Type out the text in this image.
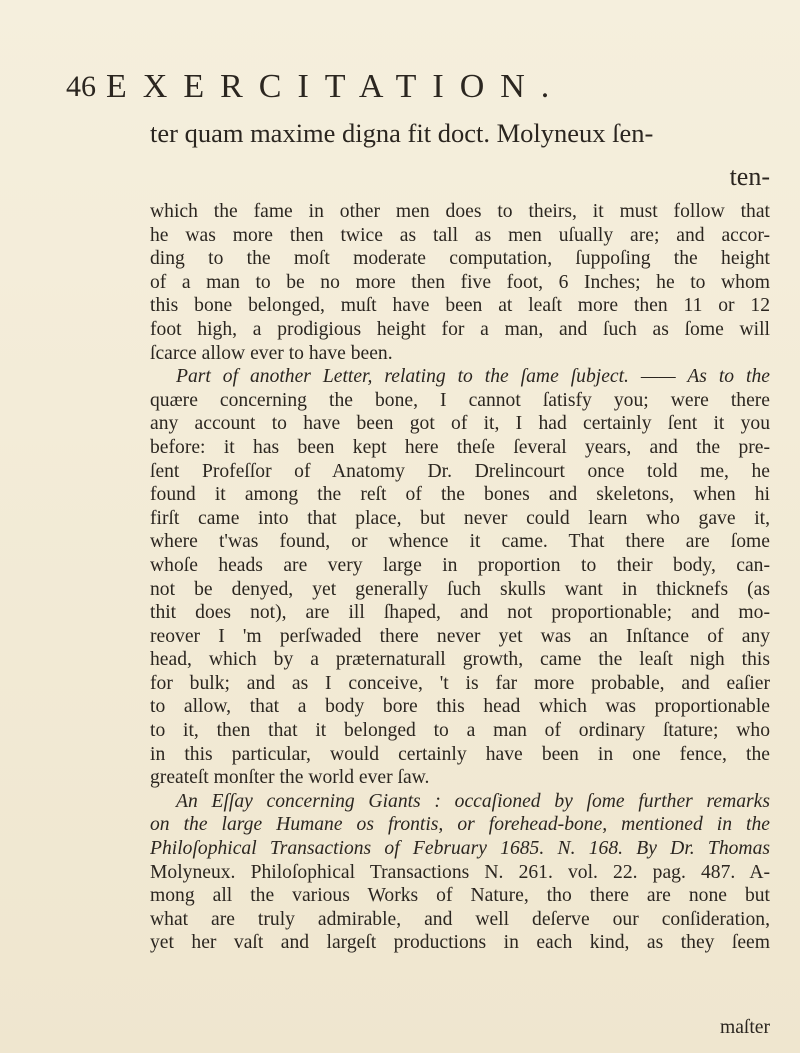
46 EXERCITATION.
ter quam maxime digna fit doct. Molyneux ſen-
ten-
which the fame in other men does to theirs, it must follow that
he was more then twice as tall as men uſually are; and accor-
ding to the moſt moderate computation, ſuppoſing the height
of a man to be no more then five foot, 6 Inches; he to whom
this bone belonged, muſt have been at leaſt more then 11 or 12
foot high, a prodigious height for a man, and ſuch as ſome will
ſcarce allow ever to have been.
Part of another Letter, relating to the ſame ſubject. —— As to the
quære concerning the bone, I cannot ſatisfy you; were there
any account to have been got of it, I had certainly ſent it you
before: it has been kept here theſe ſeveral years, and the pre-
ſent Profeſſor of Anatomy Dr. Drelincourt once told me, he
found it among the reſt of the bones and skeletons, when hi
firſt came into that place, but never could learn who gave it,
where t'was found, or whence it came. That there are ſome
whoſe heads are very large in proportion to their body, can-
not be denyed, yet generally ſuch skulls want in thicknefs (as
thit does not), are ill ſhaped, and not proportionable; and mo-
reover I 'm perſwaded there never yet was an Inſtance of any
head, which by a præternaturall growth, came the leaſt nigh this
for bulk; and as I conceive, 't is far more probable, and eaſier
to allow, that a body bore this head which was proportionable
to it, then that it belonged to a man of ordinary ſtature; who
in this particular, would certainly have been in one fence, the
greateſt monſter the world ever ſaw.
An Eſſay concerning Giants : occaſioned by ſome further remarks
on the large Humane os frontis, or forehead-bone, mentioned in the
Philoſophical Transactions of February 1685. N. 168. By Dr. Thomas
Molyneux. Philoſophical Transactions N. 261. vol. 22. pag. 487. A-
mong all the various Works of Nature, tho there are none but
what are truly admirable, and well deſerve our conſideration,
yet her vaſt and largeſt productions in each kind, as they ſeem
maſter
